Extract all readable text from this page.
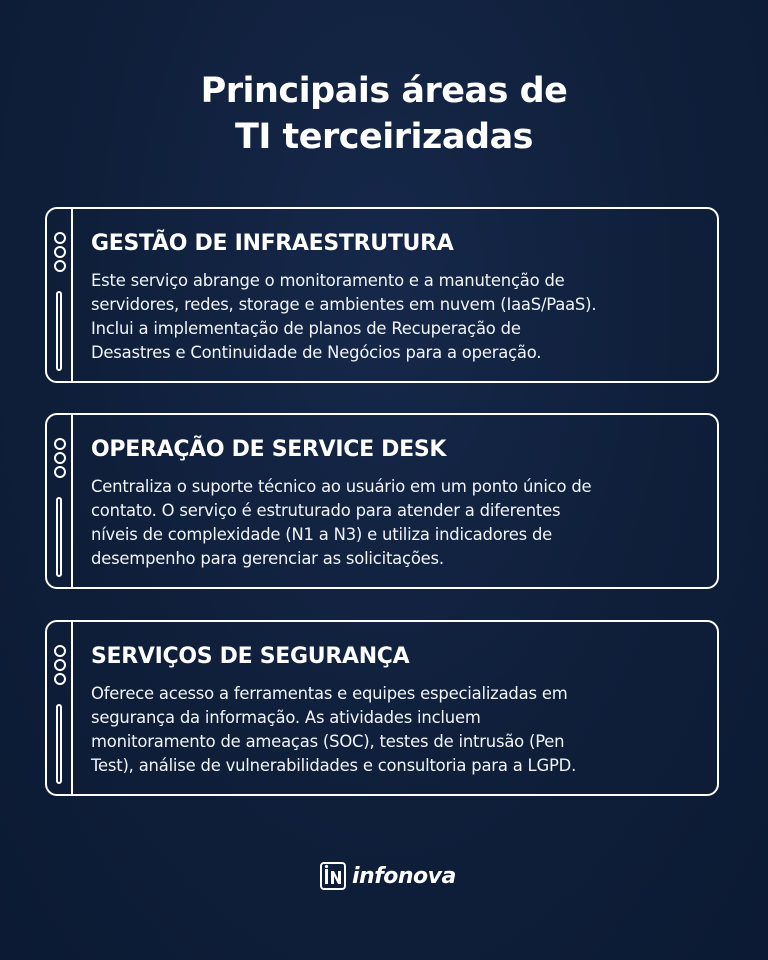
Principais áreas de
TI terceirizadas
GESTÃO DE INFRAESTRUTURA
Este serviço abrange o monitoramento e a manutenção de
servidores, redes, storage e ambientes em nuvem (IaaS/PaaS).
Inclui a implementação de planos de Recuperação de
Desastres e Continuidade de Negócios para a operação.
OPERAÇÃO DE SERVICE DESK
Centraliza o suporte técnico ao usuário em um ponto único de
contato. O serviço é estruturado para atender a diferentes
níveis de complexidade (N1 a N3) e utiliza indicadores de
desempenho para gerenciar as solicitações.
SERVIÇOS DE SEGURANÇA
Oferece acesso a ferramentas e equipes especializadas em
segurança da informação. As atividades incluem
monitoramento de ameaças (SOC), testes de intrusão (Pen
Test), análise de vulnerabilidades e consultoria para a LGPD.
infonova
